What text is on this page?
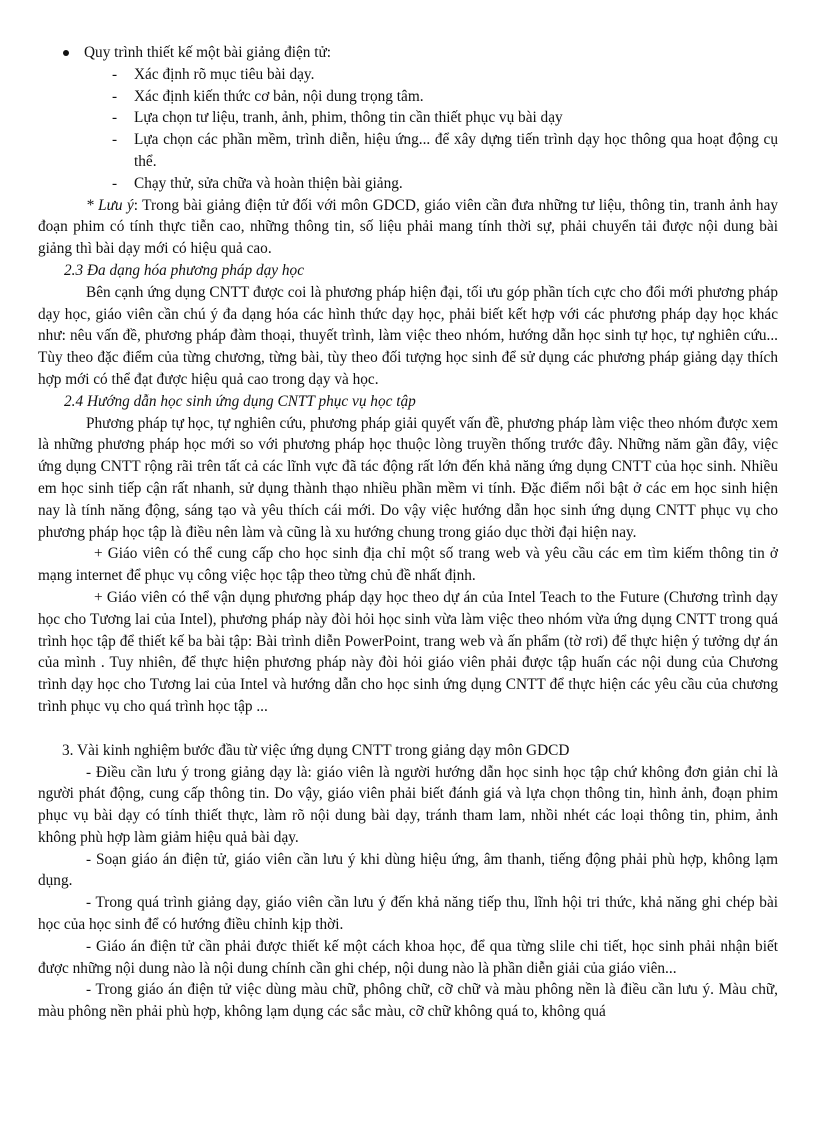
Quy trình thiết kế một bài giảng điện tử:

- Xác định rõ mục tiêu bài dạy.

- Xác định kiến thức cơ bản, nội dung trọng tâm.

- Lựa chọn tư liệu, tranh, ảnh, phim, thông tin cần thiết phục vụ bài dạy

- Lựa chọn các phần mềm, trình diễn, hiệu ứng... để xây dựng tiến trình dạy học thông qua hoạt động cụ thể.

- Chạy thử, sửa chữa và hoàn thiện bài giảng.

* Lưu ý: Trong bài giảng điện tử đối với môn GDCD, giáo viên cần đưa những tư liệu, thông tin, tranh ảnh hay đoạn phim có tính thực tiễn cao, những thông tin, số liệu phải mang tính thời sự, phải chuyển tải được nội dung bài giảng thì bài dạy mới có hiệu quả cao.

2.3 Đa dạng hóa phương pháp dạy học

Bên cạnh ứng dụng CNTT được coi là phương pháp hiện đại, tối ưu góp phần tích cực cho đổi mới phương pháp dạy học, giáo viên cần chú ý đa dạng hóa các hình thức dạy học, phải biết kết hợp với các phương pháp dạy học khác như: nêu vấn đề, phương pháp đàm thoại, thuyết trình, làm việc theo nhóm, hướng dẫn học sinh tự học, tự nghiên cứu... Tùy theo đặc điểm của từng chương, từng bài, tùy theo đối tượng học sinh để sử dụng các phương pháp giảng dạy thích hợp mới có thể đạt được hiệu quả cao trong dạy và học.

2.4 Hướng dẫn học sinh ứng dụng CNTT phục vụ học tập

Phương pháp tự học, tự nghiên cứu, phương pháp giải quyết vấn đề, phương pháp làm việc theo nhóm được xem là những phương pháp học mới so với phương pháp học thuộc lòng truyền thống trước đây. Những năm gần đây, việc ứng dụng CNTT rộng rãi trên tất cả các lĩnh vực đã tác động rất lớn đến khả năng ứng dụng CNTT của học sinh. Nhiều em học sinh tiếp cận rất nhanh, sử dụng thành thạo nhiều phần mềm vi tính. Đặc điểm nổi bật ở các em học sinh hiện nay là tính năng động, sáng tạo và yêu thích cái mới. Do vậy việc hướng dẫn học sinh ứng dụng CNTT phục vụ cho phương pháp học tập là điều nên làm và cũng là xu hướng chung trong giáo dục thời đại hiện nay.

+ Giáo viên có thể cung cấp cho học sinh địa chỉ một số trang web và yêu cầu các em tìm kiếm thông tin ở mạng internet để phục vụ công việc học tập theo từng chủ đề nhất định.

+ Giáo viên có thể vận dụng phương pháp dạy học theo dự án của Intel Teach to the Future (Chương trình dạy học cho Tương lai của Intel), phương pháp này đòi hỏi học sinh vừa làm việc theo nhóm vừa ứng dụng CNTT trong quá trình học tập để thiết kế ba bài tập: Bài trình diễn PowerPoint, trang web và ấn phẩm (tờ rơi) để thực hiện ý tưởng dự án của mình . Tuy nhiên, để thực hiện phương pháp này đòi hỏi giáo viên phải được tập huấn các nội dung của Chương trình dạy học cho Tương lai của Intel và hướng dẫn cho học sinh ứng dụng CNTT để thực hiện các yêu cầu của chương trình phục vụ cho quá trình học tập ...

3. Vài kinh nghiệm bước đầu từ việc ứng dụng CNTT trong giảng dạy môn GDCD

- Điều cần lưu ý trong giảng dạy là: giáo viên là người hướng dẫn học sinh học tập chứ không đơn giản chỉ là người phát động, cung cấp thông tin. Do vậy, giáo viên phải biết đánh giá và lựa chọn thông tin, hình ảnh, đoạn phim phục vụ bài dạy có tính thiết thực, làm rõ nội dung bài dạy, tránh tham lam, nhồi nhét các loại thông tin, phim, ảnh không phù hợp làm giảm hiệu quả bài dạy.

- Soạn giáo án điện tử, giáo viên cần lưu ý khi dùng hiệu ứng, âm thanh, tiếng động phải phù hợp, không lạm dụng.

- Trong quá trình giảng dạy, giáo viên cần lưu ý đến khả năng tiếp thu, lĩnh hội tri thức, khả năng ghi chép bài học của học sinh để có hướng điều chỉnh kịp thời.

- Giáo án điện tử cần phải được thiết kế một cách khoa học, để qua từng slile chi tiết, học sinh phải nhận biết được những nội dung nào là nội dung chính cần ghi chép, nội dung nào là phần diễn giải của giáo viên...

- Trong giáo án điện tử việc dùng màu chữ, phông chữ, cỡ chữ và màu phông nền là điều cần lưu ý. Màu chữ, màu phông nền phải phù hợp, không lạm dụng các sắc màu, cỡ chữ không quá to, không quá
